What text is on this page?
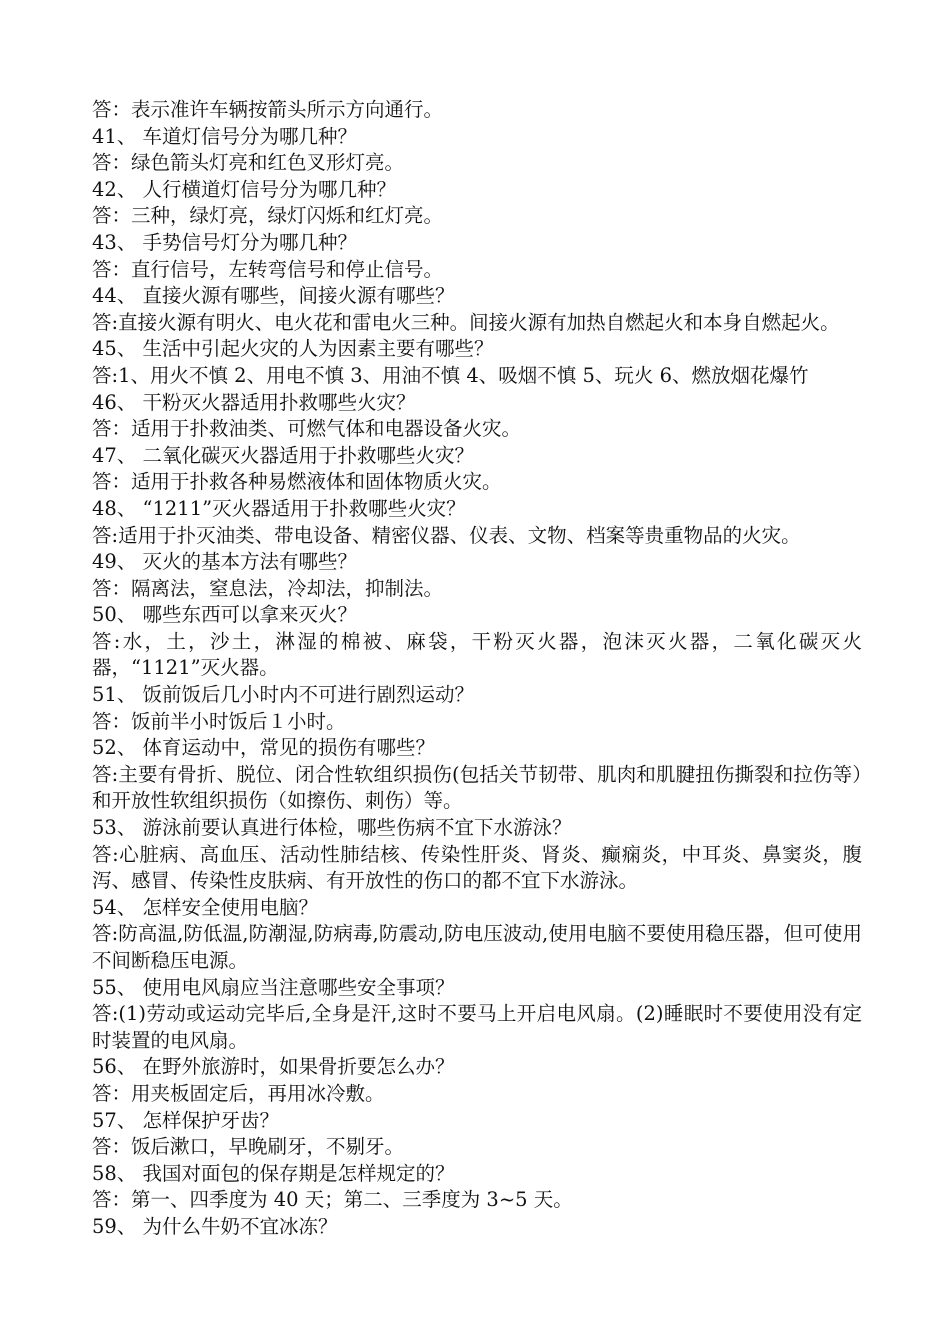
答：表示准许车辆按箭头所示方向通行。
41、 车道灯信号分为哪几种？
答：绿色箭头灯亮和红色叉形灯亮。
42、 人行横道灯信号分为哪几种？
答：三种，绿灯亮，绿灯闪烁和红灯亮。
43、 手势信号灯分为哪几种？
答：直行信号，左转弯信号和停止信号。
44、 直接火源有哪些，间接火源有哪些？
答:直接火源有明火、电火花和雷电火三种。间接火源有加热自燃起火和本身自燃起火。
45、 生活中引起火灾的人为因素主要有哪些？
答:1、用火不慎 2、用电不慎 3、用油不慎 4、吸烟不慎 5、玩火 6、燃放烟花爆竹
46、 干粉灭火器适用扑救哪些火灾？
答：适用于扑救油类、可燃气体和电器设备火灾。
47、 二氧化碳灭火器适用于扑救哪些火灾？
答：适用于扑救各种易燃液体和固体物质火灾。
48、 “1211”灭火器适用于扑救哪些火灾？
答:适用于扑灭油类、带电设备、精密仪器、仪表、文物、档案等贵重物品的火灾。
49、 灭火的基本方法有哪些？
答：隔离法，窒息法，冷却法，抑制法。
50、 哪些东西可以拿来灭火？
答:水，土，沙土，淋湿的棉被、麻袋，干粉灭火器，泡沫灭火器，二氧化碳灭火器，“1121”灭火器。
51、 饭前饭后几小时内不可进行剧烈运动？
答：饭前半小时饭后１小时。
52、 体育运动中，常见的损伤有哪些？
答:主要有骨折、脱位、闭合性软组织损伤(包括关节韧带、肌肉和肌腱扭伤撕裂和拉伤等）和开放性软组织损伤（如擦伤、刺伤）等。
53、 游泳前要认真进行体检，哪些伤病不宜下水游泳？
答:心脏病、高血压、活动性肺结核、传染性肝炎、肾炎、癫痫炎，中耳炎、鼻窦炎，腹泻、感冒、传染性皮肤病、有开放性的伤口的都不宜下水游泳。
54、 怎样安全使用电脑？
答:防高温,防低温,防潮湿,防病毒,防震动,防电压波动,使用电脑不要使用稳压器，但可使用不间断稳压电源。
55、 使用电风扇应当注意哪些安全事项？
答:(1)劳动或运动完毕后,全身是汗,这时不要马上开启电风扇。(2)睡眠时不要使用没有定时装置的电风扇。
56、 在野外旅游时，如果骨折要怎么办？
答：用夹板固定后，再用冰冷敷。
57、 怎样保护牙齿？
答：饭后漱口，早晚刷牙，不剔牙。
58、 我国对面包的保存期是怎样规定的？
答：第一、四季度为 40 天；第二、三季度为 3~5 天。
59、 为什么牛奶不宜冰冻？
